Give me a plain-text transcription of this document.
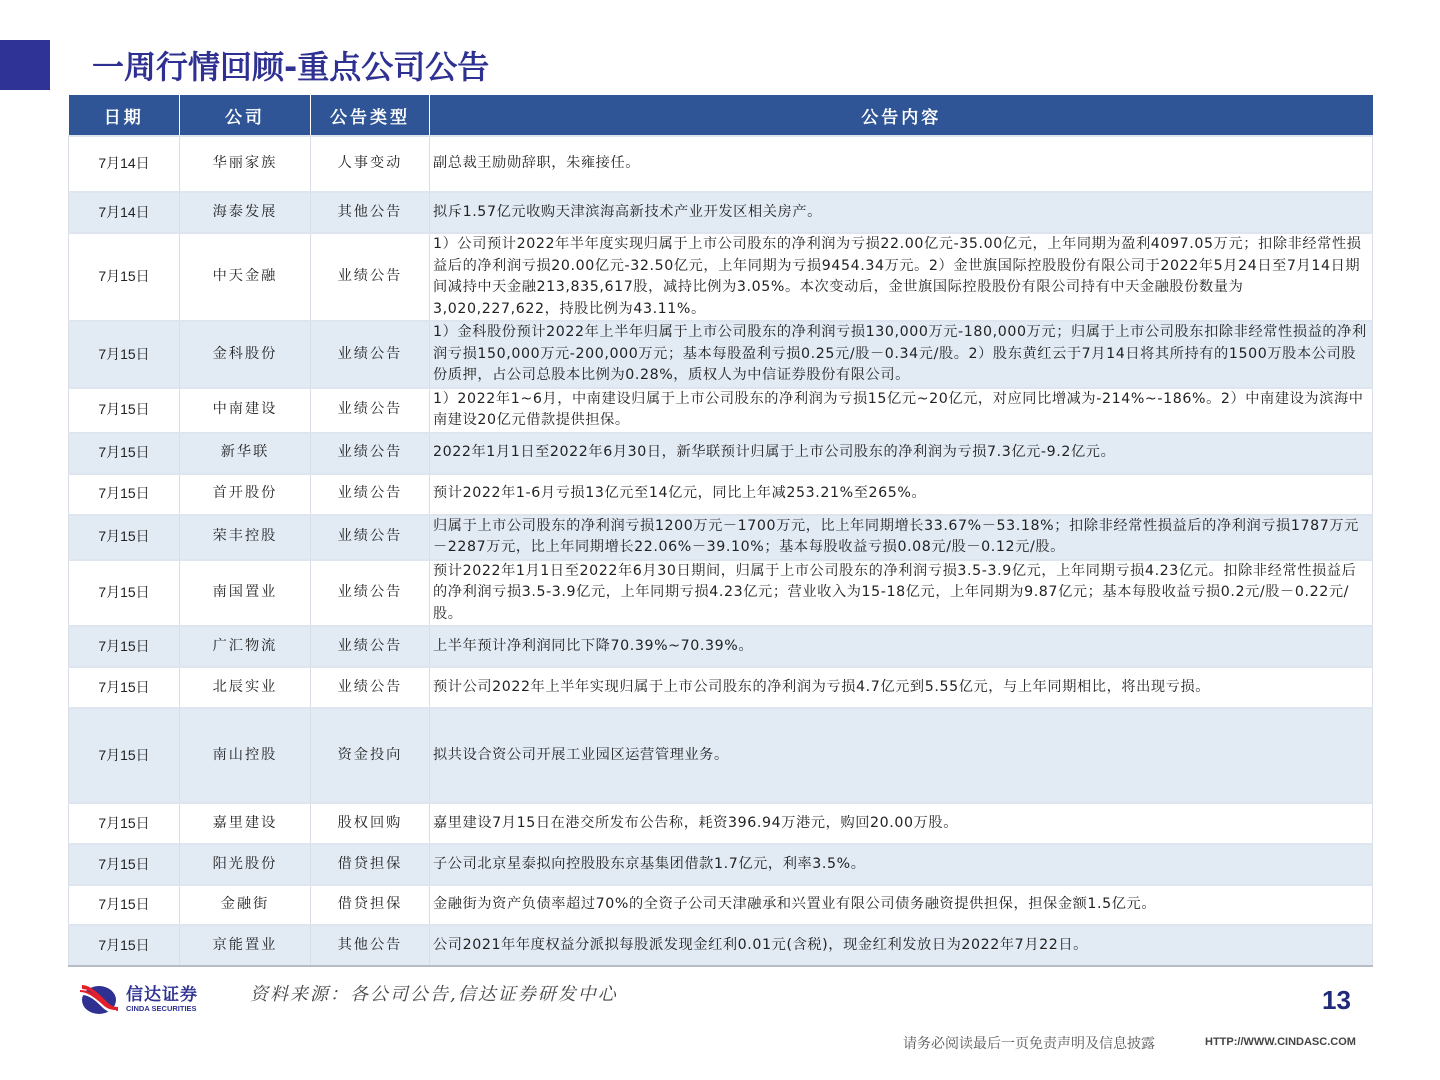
一周行情回顾-重点公司公告
日期	公司	公告类型	公告内容
7月14日	华丽家族	人事变动	副总裁王励勋辞职，朱雍接任。
7月14日	海泰发展	其他公告	拟斥1.57亿元收购天津滨海高新技术产业开发区相关房产。
7月15日	中天金融	业绩公告	1）公司预计2022年半年度实现归属于上市公司股东的净利润为亏损22.00亿元-35.00亿元，上年同期为盈利4097.05万元；扣除非经常性损益后的净利润亏损20.00亿元-32.50亿元，上年同期为亏损9454.34万元。2）金世旗国际控股股份有限公司于2022年5月24日至7月14日期间减持中天金融213,835,617股，减持比例为3.05%。本次变动后，金世旗国际控股股份有限公司持有中天金融股份数量为3,020,227,622，持股比例为43.11%。
7月15日	金科股份	业绩公告	1）金科股份预计2022年上半年归属于上市公司股东的净利润亏损130,000万元-180,000万元；归属于上市公司股东扣除非经常性损益的净利润亏损150,000万元-200,000万元；基本每股盈利亏损0.25元/股－0.34元/股。2）股东黄红云于7月14日将其所持有的1500万股本公司股份质押，占公司总股本比例为0.28%，质权人为中信证券股份有限公司。
7月15日	中南建设	业绩公告	1）2022年1~6月，中南建设归属于上市公司股东的净利润为亏损15亿元~20亿元，对应同比增减为-214%~-186%。2）中南建设为滨海中南建设20亿元借款提供担保。
7月15日	新华联	业绩公告	2022年1月1日至2022年6月30日，新华联预计归属于上市公司股东的净利润为亏损7.3亿元-9.2亿元。
7月15日	首开股份	业绩公告	预计2022年1-6月亏损13亿元至14亿元，同比上年减253.21%至265%。
7月15日	荣丰控股	业绩公告	归属于上市公司股东的净利润亏损1200万元－1700万元，比上年同期增长33.67%－53.18%；扣除非经常性损益后的净利润亏损1787万元－2287万元，比上年同期增长22.06%－39.10%；基本每股收益亏损0.08元/股－0.12元/股。
7月15日	南国置业	业绩公告	预计2022年1月1日至2022年6月30日期间，归属于上市公司股东的净利润亏损3.5-3.9亿元，上年同期亏损4.23亿元。扣除非经常性损益后的净利润亏损3.5-3.9亿元，上年同期亏损4.23亿元；营业收入为15-18亿元，上年同期为9.87亿元；基本每股收益亏损0.2元/股－0.22元/股。
7月15日	广汇物流	业绩公告	上半年预计净利润同比下降70.39%~70.39%。
7月15日	北辰实业	业绩公告	预计公司2022年上半年实现归属于上市公司股东的净利润为亏损4.7亿元到5.55亿元，与上年同期相比，将出现亏损。
7月15日	南山控股	资金投向	拟共设合资公司开展工业园区运营管理业务。
7月15日	嘉里建设	股权回购	嘉里建设7月15日在港交所发布公告称，耗资396.94万港元，购回20.00万股。
7月15日	阳光股份	借贷担保	子公司北京星泰拟向控股股东京基集团借款1.7亿元，利率3.5%。
7月15日	金融街	借贷担保	金融街为资产负债率超过70%的全资子公司天津融承和兴置业有限公司债务融资提供担保，担保金额1.5亿元。
7月15日	京能置业	其他公告	公司2021年年度权益分派拟每股派发现金红利0.01元(含税)，现金红利发放日为2022年7月22日。
信达证券
CINDA SECURITIES
资料来源：各公司公告,信达证券研发中心	13
请务必阅读最后一页免责声明及信息披露	HTTP://WWW.CINDASC.COM
